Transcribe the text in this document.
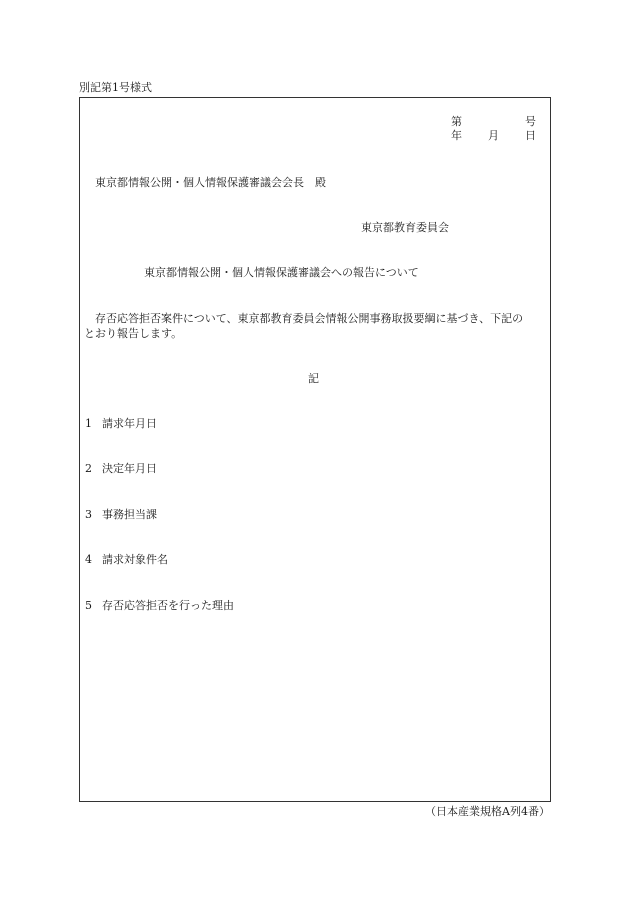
別記第1号様式
第	号
年 月 日
東京都情報公開・個人情報保護審議会会長　殿
東京都教育委員会
東京都情報公開・個人情報保護審議会への報告について
存否応答拒否案件について、東京都教育委員会情報公開事務取扱要綱に基づき、下記の
とおり報告します。
記
1 請求年月日
2 決定年月日
3 事務担当課
4 請求対象件名
5 存否応答拒否を行った理由
（日本産業規格A列4番）
